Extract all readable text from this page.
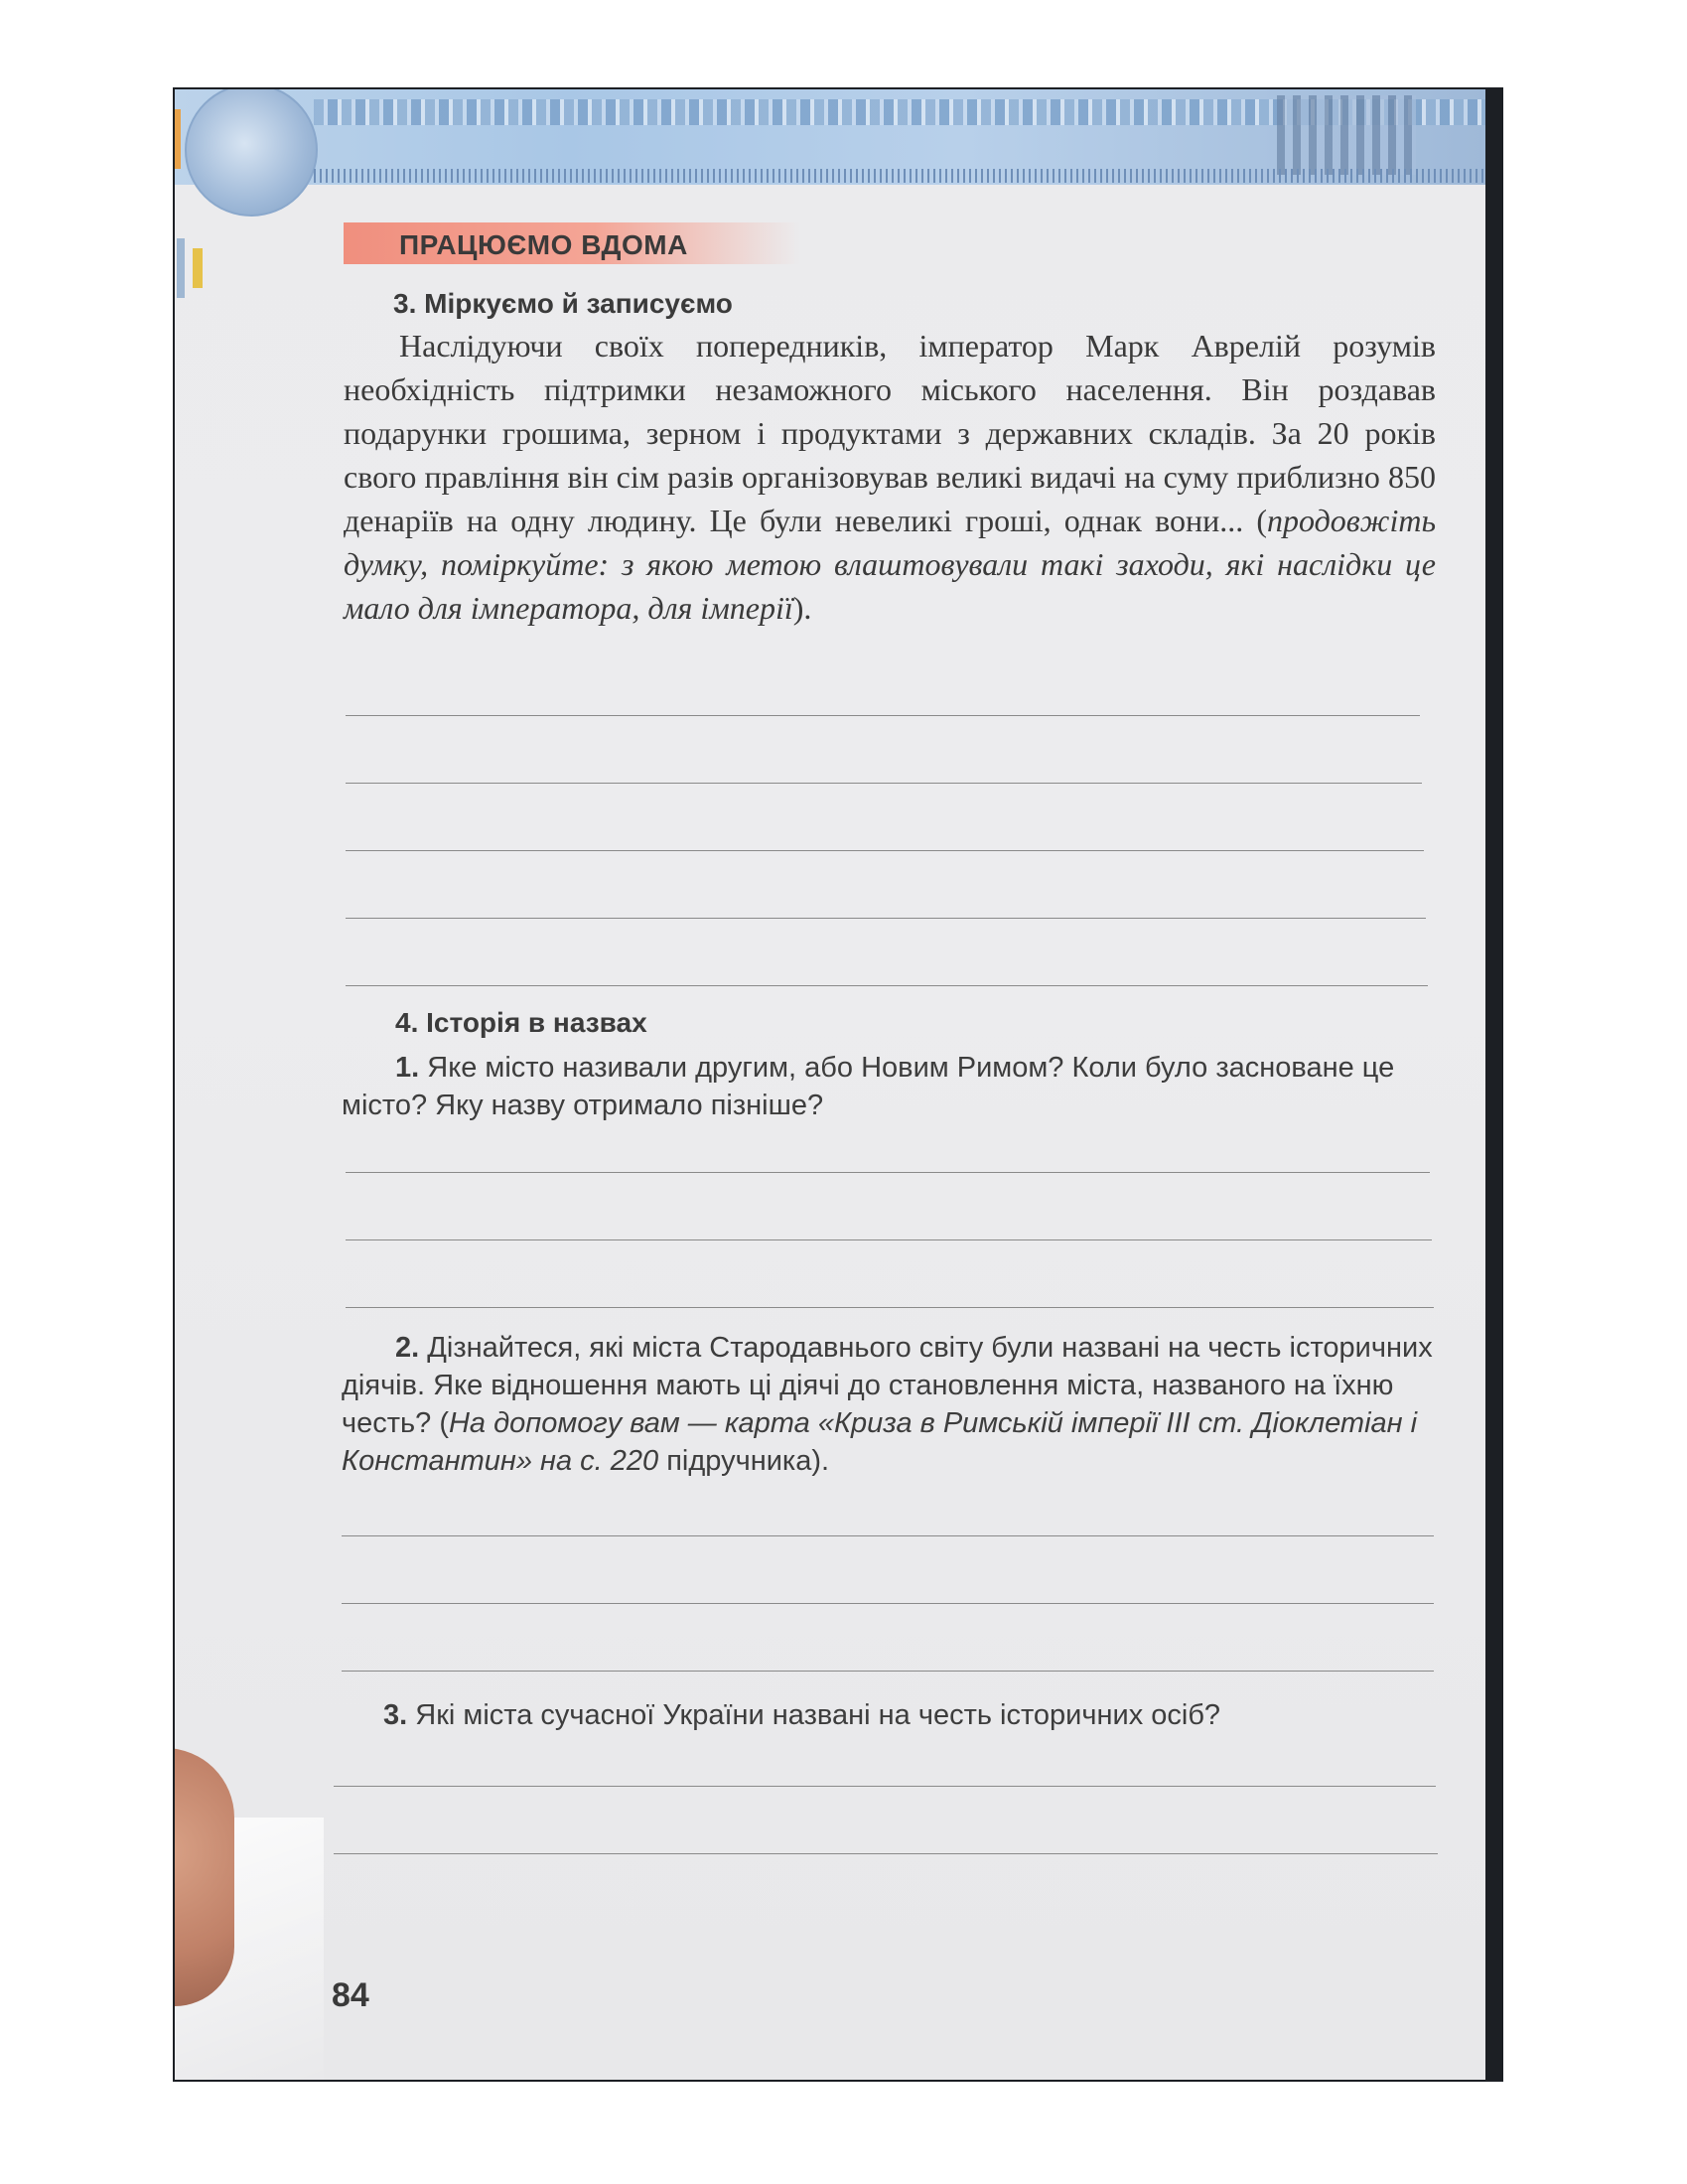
ПРАЦЮЄМО ВДОМА
3. Міркуємо й записуємо
Наслідуючи своїх попередників, імператор Марк Аврелій розумів необхідність підтримки незаможного міського населення. Він роздавав подарунки грошима, зерном і продуктами з державних складів. За 20 років свого правління він сім разів організовував великі видачі на суму приблизно 850 денаріїв на одну людину. Це були невеликі гроші, однак вони... (продовжіть думку, поміркуйте: з якою метою влаштовували такі заходи, які наслідки це мало для імператора, для імперії).
4. Історія в назвах
1. Яке місто називали другим, або Новим Римом? Коли було засноване це місто? Яку назву отримало пізніше?
2. Дізнайтеся, які міста Стародавнього світу були названі на честь історичних діячів. Яке відношення мають ці діячі до становлення міста, названого на їхню честь? (На допомогу вам — карта «Криза в Римській імперії III ст. Діоклетіан і Константин» на с. 220 підручника).
3. Які міста сучасної України названі на честь історичних осіб?
84
